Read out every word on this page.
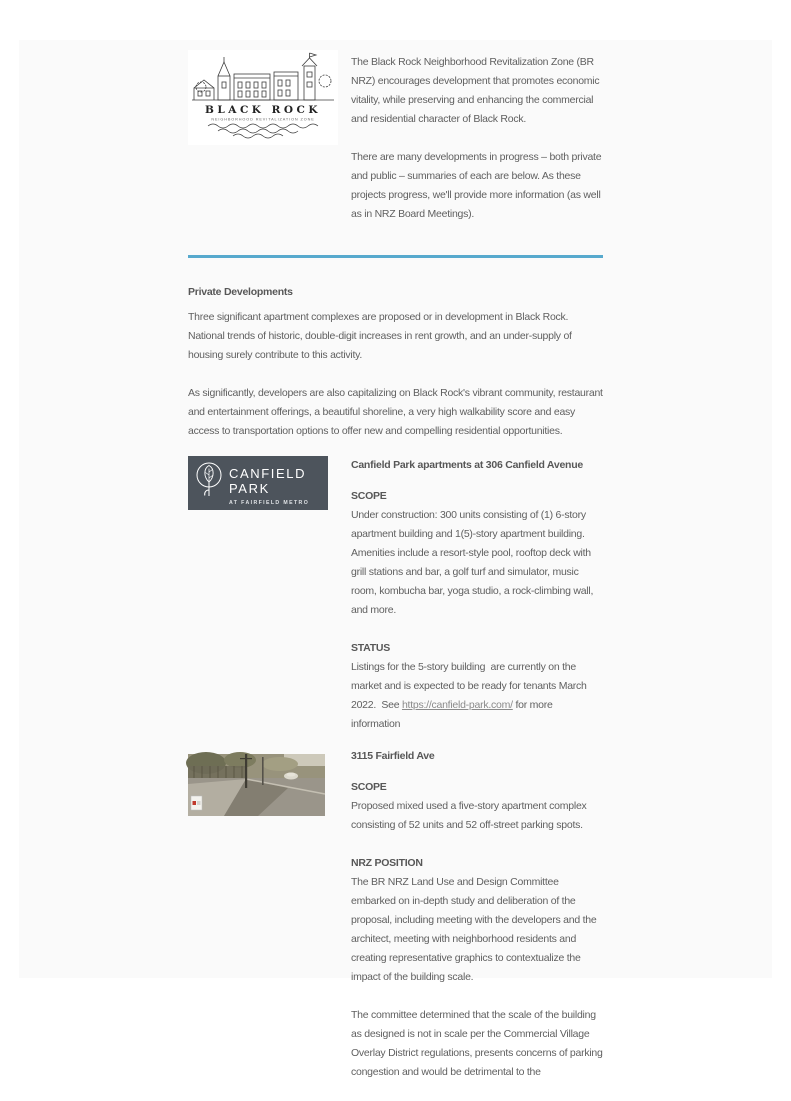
BLACK ROCK
NEIGHBORHOOD REVITALIZATION ZONE

The Black Rock Neighborhood Revitalization Zone (BR NRZ) encourages development that promotes economic vitality, while preserving and enhancing the commercial and residential character of Black Rock.

There are many developments in progress – both private and public – summaries of each are below. As these projects progress, we'll provide more information (as well as in NRZ Board Meetings).

Private Developments

Three significant apartment complexes are proposed or in development in Black Rock. National trends of historic, double-digit increases in rent growth, and an under-supply of housing surely contribute to this activity.

As significantly, developers are also capitalizing on Black Rock's vibrant community, restaurant and entertainment offerings, a beautiful shoreline, a very high walkability score and easy access to transportation options to offer new and compelling residential opportunities.

CANFIELD
PARK
AT FAIRFIELD METRO
Canfield Park apartments at 306 Canfield Avenue
SCOPE

Under construction: 300 units consisting of (1) 6-story apartment building and 1(5)-story apartment building. Amenities include a resort-style pool, rooftop deck with grill stations and bar, a golf turf and simulator, music room, kombucha bar, yoga studio, a rock-climbing wall, and more.

STATUS

Listings for the 5-story building  are currently on the market and is expected to be ready for tenants March 2022.  See https://canfield-park.com/ for more information

3115 Fairfield Ave
SCOPE

Proposed mixed used a five-story apartment complex consisting of 52 units and 52 off-street parking spots.

NRZ POSITION

The BR NRZ Land Use and Design Committee embarked on in-depth study and deliberation of the proposal, including meeting with the developers and the architect, meeting with neighborhood residents and creating representative graphics to contextualize the impact of the building scale.

The committee determined that the scale of the building as designed is not in scale per the Commercial Village Overlay District regulations, presents concerns of parking congestion and would be detrimental to the
